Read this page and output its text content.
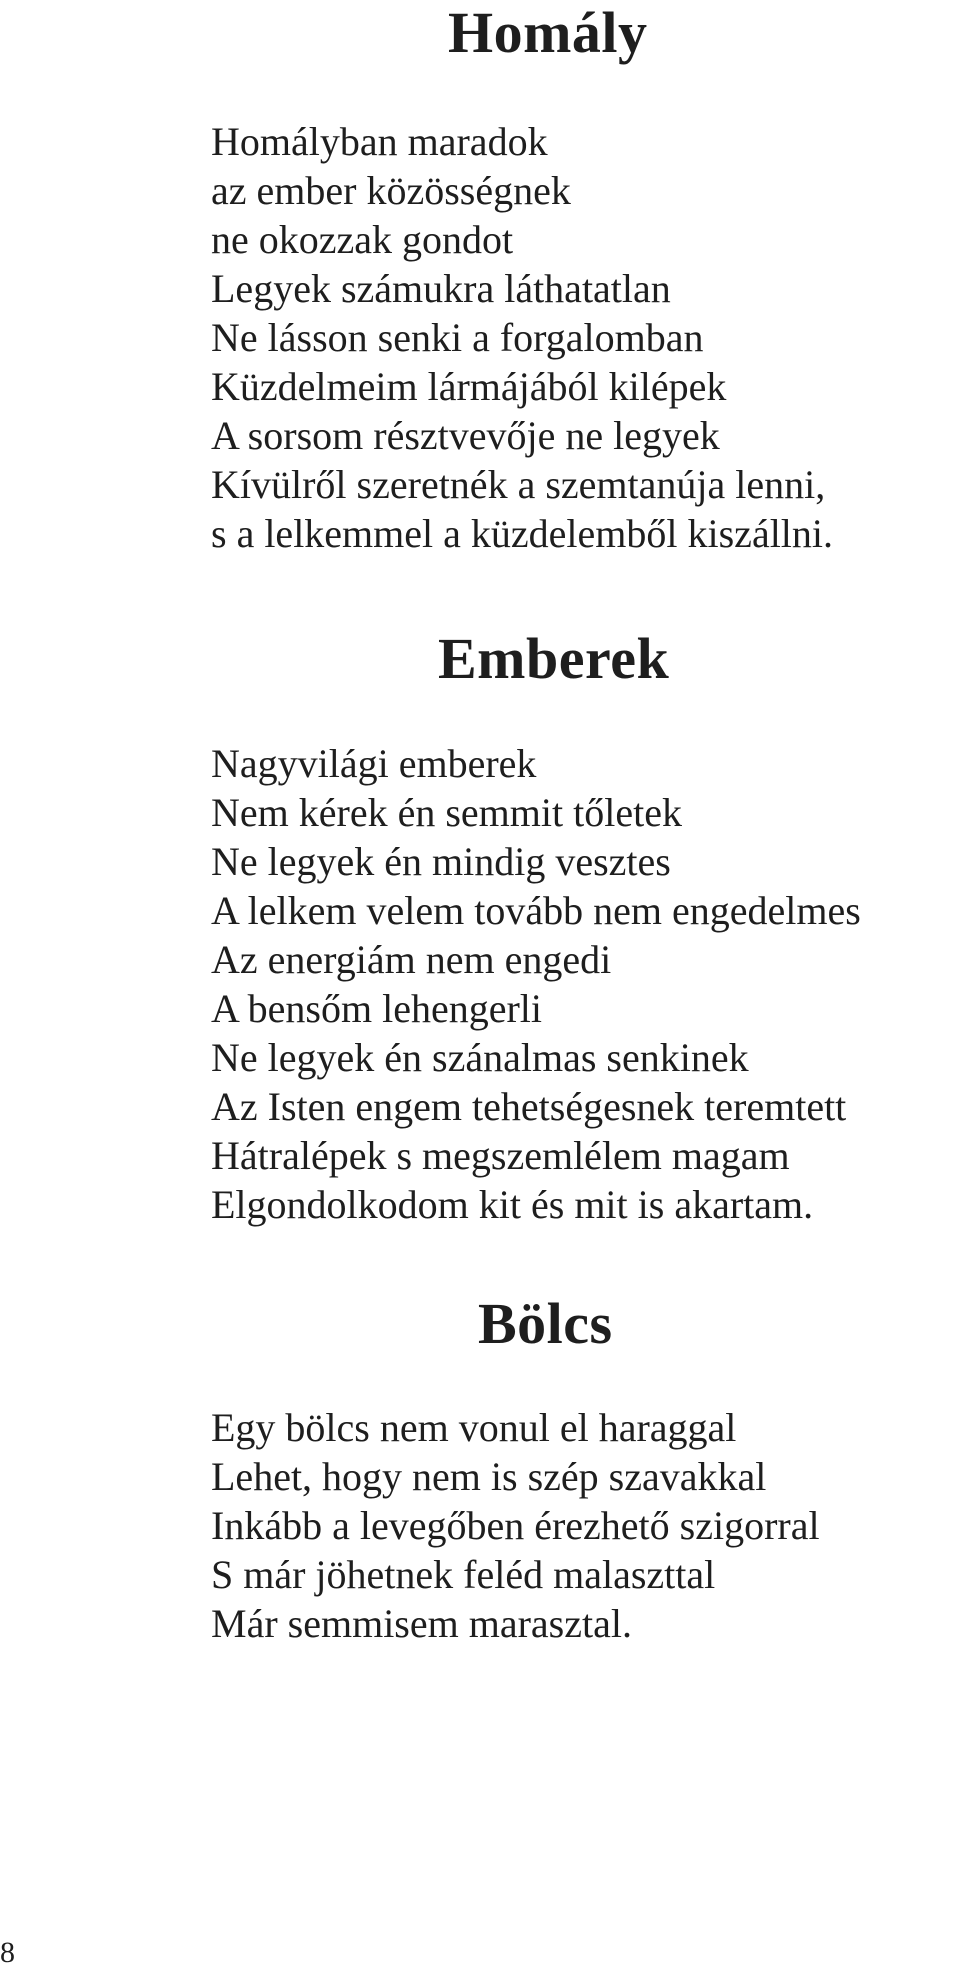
Homály
Homályban maradok
az ember közösségnek
ne okozzak gondot
Legyek számukra láthatatlan
Ne lásson senki a forgalomban
Küzdelmeim lármájából kilépek
A sorsom résztvevője ne legyek
Kívülről szeretnék a szemtanúja lenni,
s a lelkemmel a küzdelemből kiszállni.
Emberek
Nagyvilági emberek
Nem kérek én semmit tőletek
Ne legyek én mindig vesztes
A lelkem velem tovább nem engedelmes
Az energiám nem engedi
A bensőm lehengerli
Ne legyek én szánalmas senkinek
Az Isten engem tehetségesnek teremtett
Hátralépek s megszemlélem magam
Elgondolkodom kit és mit is akartam.
Bölcs
Egy bölcs nem vonul el haraggal
Lehet, hogy nem is szép szavakkal
Inkább a levegőben érezhető szigorral
S már jöhetnek feléd malaszttal
Már semmisem marasztal.
8
